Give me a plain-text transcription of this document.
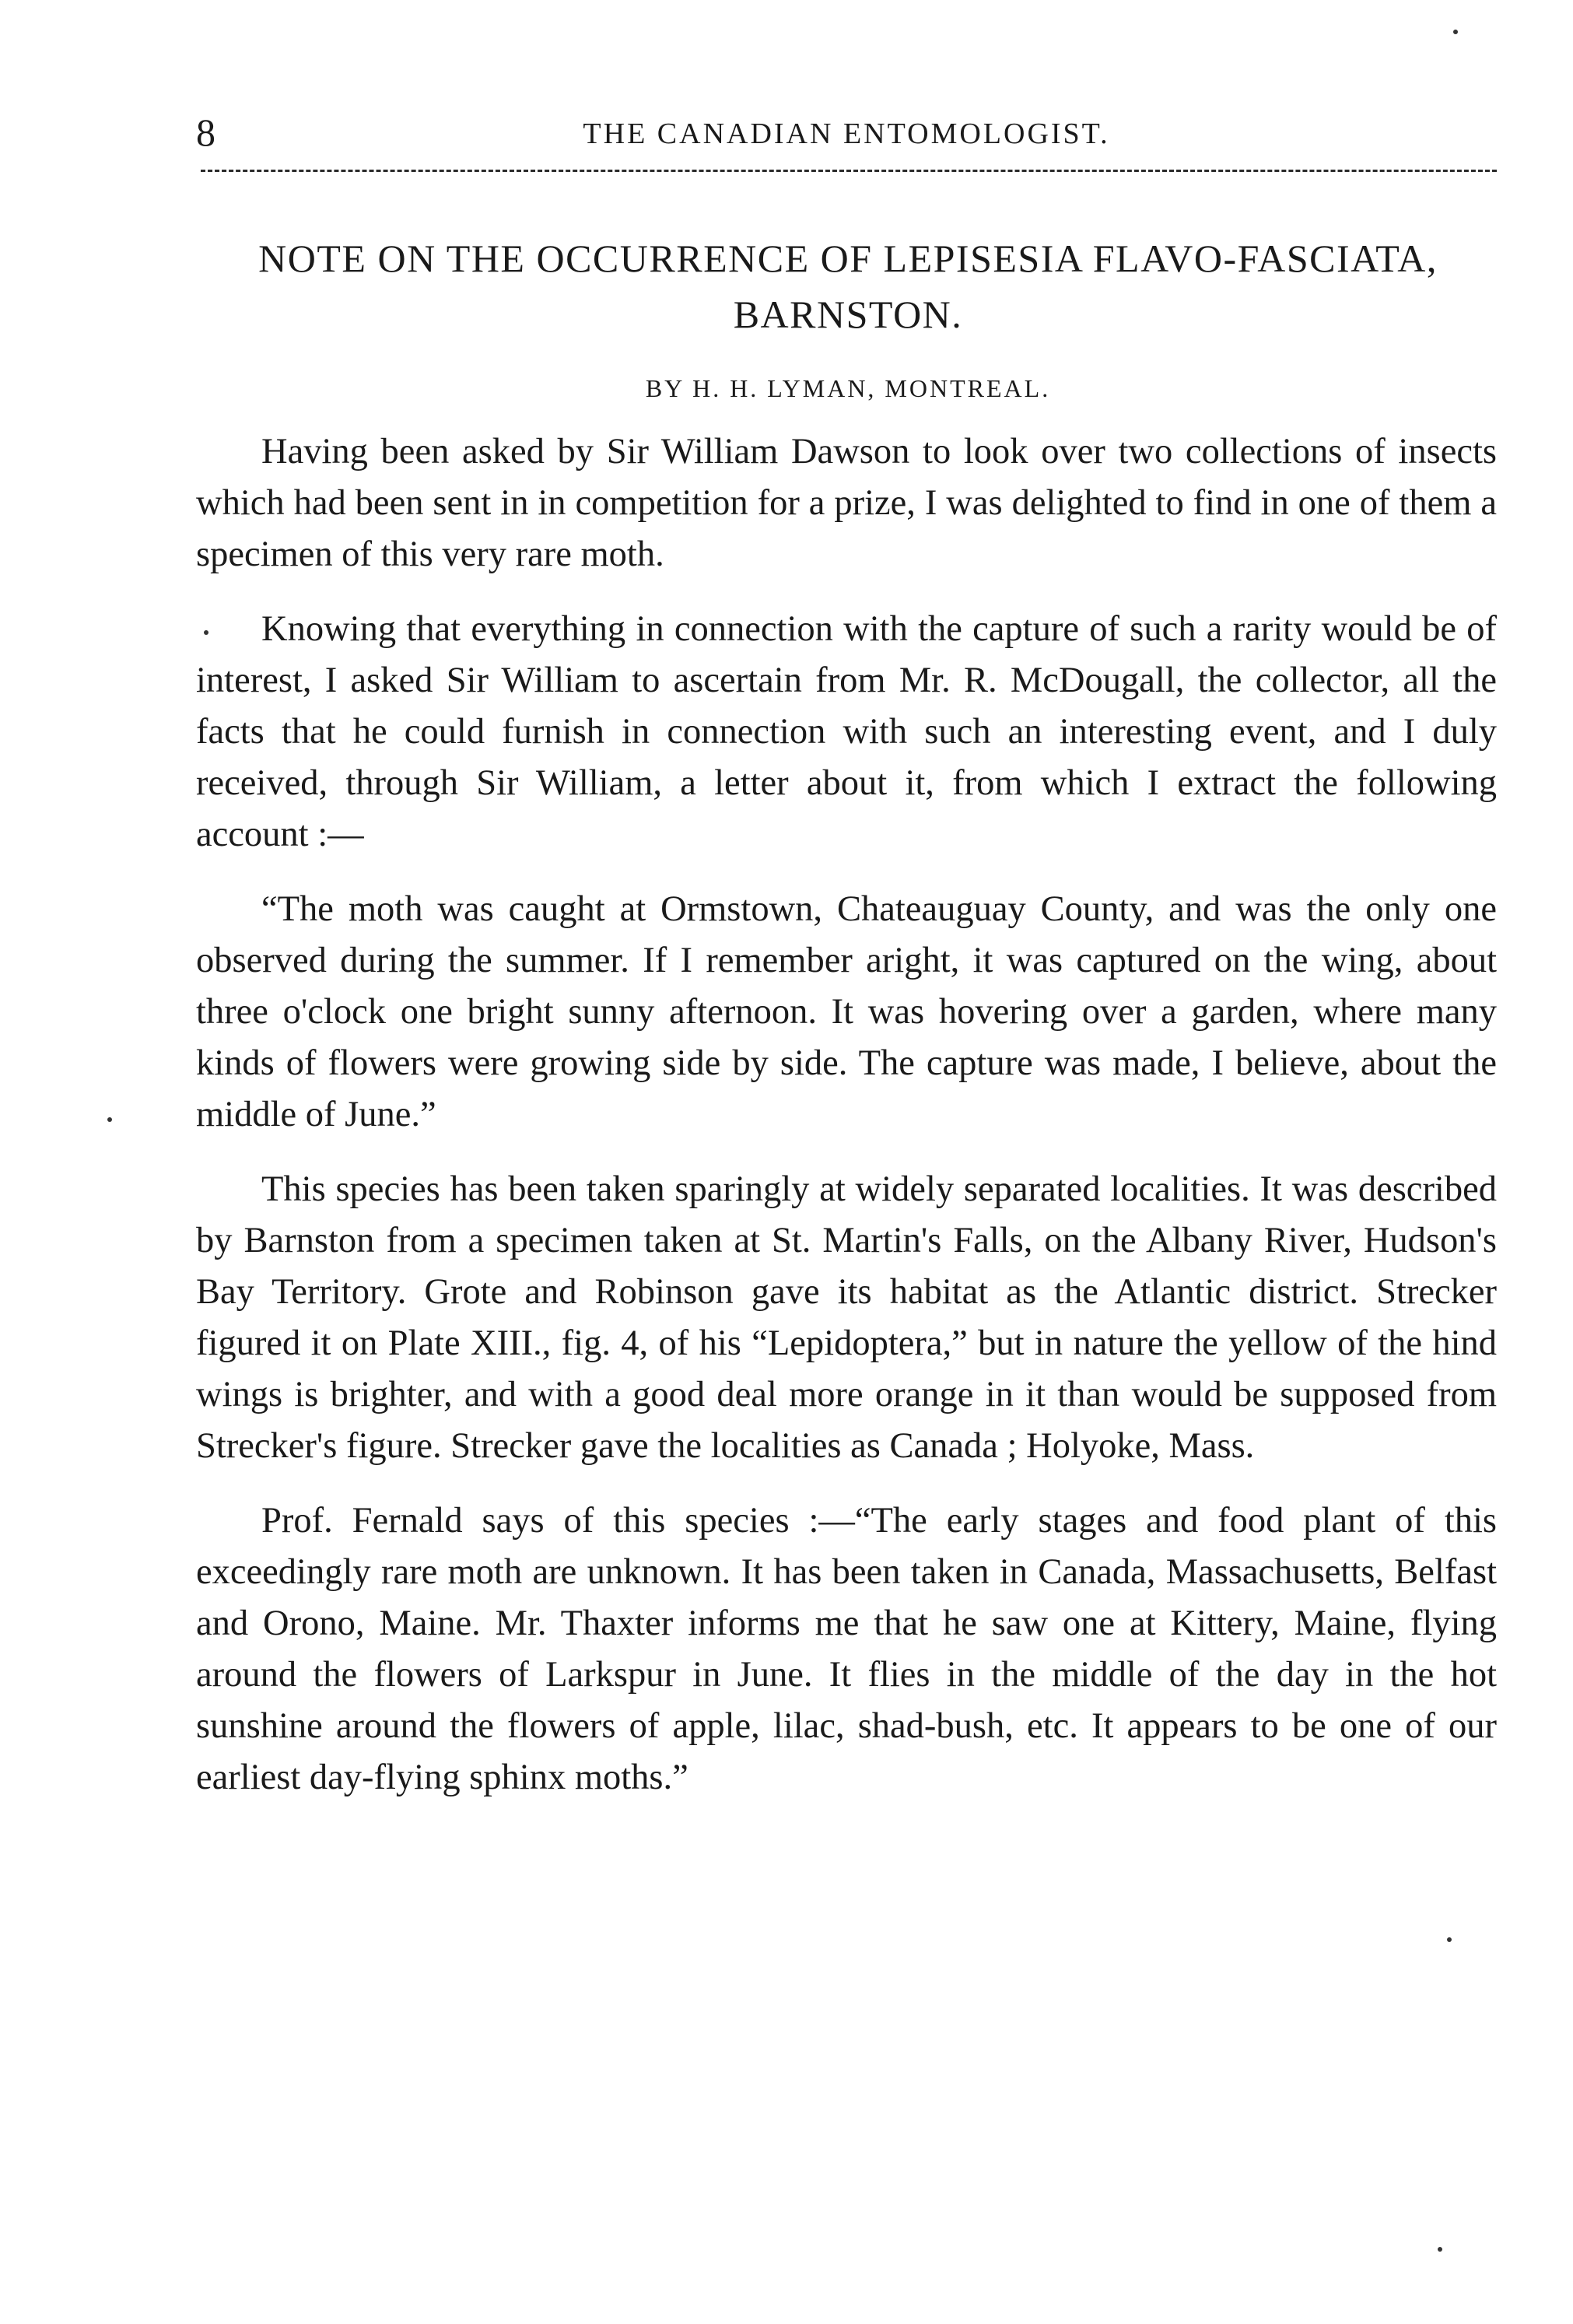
8	THE CANADIAN ENTOMOLOGIST.
NOTE ON THE OCCURRENCE OF LEPISESIA FLAVO-FASCIATA, BARNSTON.
BY H. H. LYMAN, MONTREAL.

Having been asked by Sir William Dawson to look over two collections of insects which had been sent in in competition for a prize, I was delighted to find in one of them a specimen of this very rare moth.

Knowing that everything in connection with the capture of such a rarity would be of interest, I asked Sir William to ascertain from Mr. R. McDougall, the collector, all the facts that he could furnish in connection with such an interesting event, and I duly received, through Sir William, a letter about it, from which I extract the following account :—

“The moth was caught at Ormstown, Chateauguay County, and was the only one observed during the summer. If I remember aright, it was captured on the wing, about three o'clock one bright sunny afternoon. It was hovering over a garden, where many kinds of flowers were growing side by side. The capture was made, I believe, about the middle of June.”

This species has been taken sparingly at widely separated localities. It was described by Barnston from a specimen taken at St. Martin's Falls, on the Albany River, Hudson's Bay Territory. Grote and Robinson gave its habitat as the Atlantic district. Strecker figured it on Plate XIII., fig. 4, of his “Lepidoptera,” but in nature the yellow of the hind wings is brighter, and with a good deal more orange in it than would be supposed from Strecker's figure. Strecker gave the localities as Canada ; Holyoke, Mass.

Prof. Fernald says of this species :—“The early stages and food plant of this exceedingly rare moth are unknown. It has been taken in Canada, Massachusetts, Belfast and Orono, Maine. Mr. Thaxter informs me that he saw one at Kittery, Maine, flying around the flowers of Larkspur in June. It flies in the middle of the day in the hot sunshine around the flowers of apple, lilac, shad-bush, etc. It appears to be one of our earliest day-flying sphinx moths.”
